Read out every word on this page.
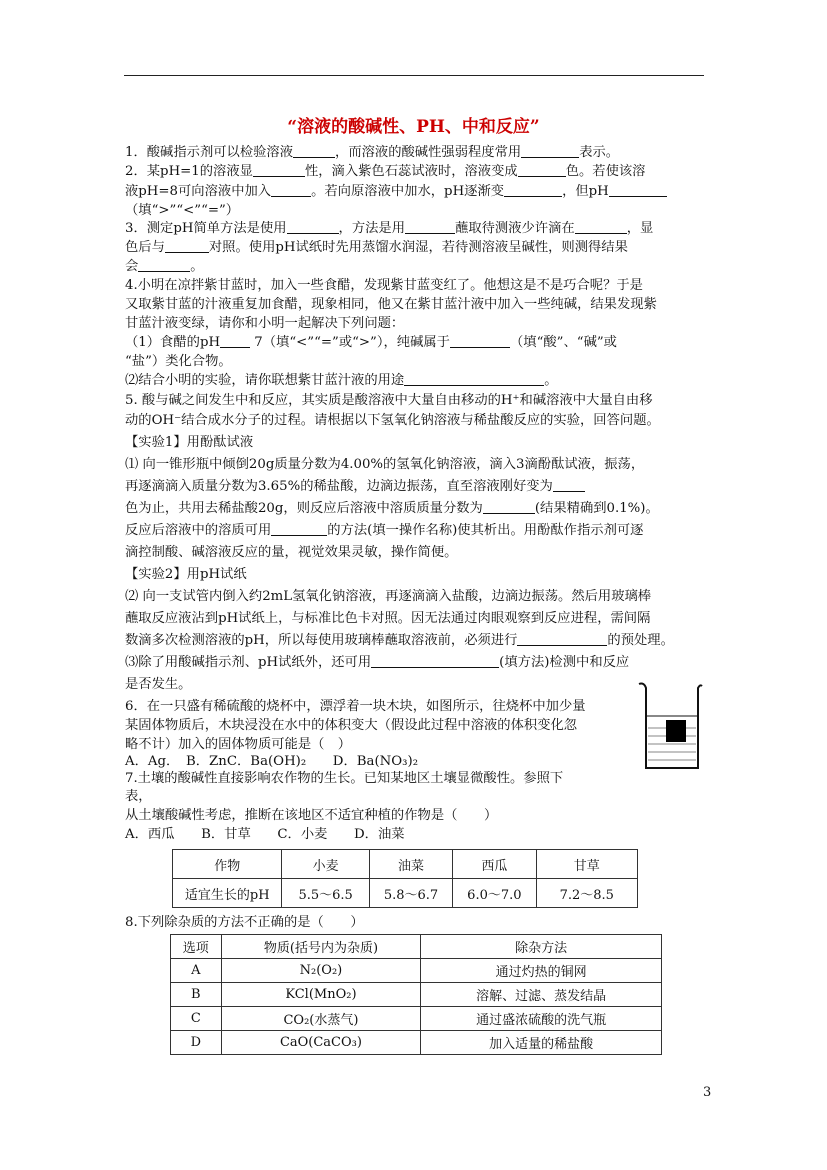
“溶液的酸碱性、PH、中和反应”
1．酸碱指示剂可以检验溶液	，而溶液的酸碱性强弱程度常用	表示。
2．某pH=1的溶液显	性，滴入紫色石蕊试液时，溶液变成	色。若使该溶
液pH=8可向溶液中加入	。若向原溶液中加水，pH逐渐变	，但pH
（填“>”“<”“=”）
3．测定pH简单方法是使用	，方法是用	蘸取待测液少许滴在	，显
色后与	对照。使用pH试纸时先用蒸馏水润湿，若待测溶液呈碱性，则测得结果
会	。
4.小明在凉拌紫甘蓝时，加入一些食醋，发现紫甘蓝变红了。他想这是不是巧合呢？于是
又取紫甘蓝的汁液重复加食醋，现象相同，他又在紫甘蓝汁液中加入一些纯碱，结果发现紫
甘蓝汁液变绿，请你和小明一起解决下列问题：
（1）食醋的pH 7（填“<”“=”或“>”），纯碱属于	（填“酸”、“碱”或
“盐”）类化合物。
⑵结合小明的实验，请你联想紫甘蓝汁液的用途	。
5. 酸与碱之间发生中和反应，其实质是酸溶液中大量自由移动的H⁺和碱溶液中大量自由移
动的OH⁻结合成水分子的过程。请根据以下氢氧化钠溶液与稀盐酸反应的实验，回答问题。
【实验1】用酚酞试液
⑴ 向一锥形瓶中倾倒20g质量分数为4.00%的氢氧化钠溶液，滴入3滴酚酞试液，振荡，
再逐滴滴入质量分数为3.65%的稀盐酸，边滴边振荡，直至溶液刚好变为
色为止，共用去稀盐酸20g，则反应后溶液中溶质质量分数为	(结果精确到0.1%)。
反应后溶液中的溶质可用	的方法(填一操作名称)使其析出。用酚酞作指示剂可逐
滴控制酸、碱溶液反应的量，视觉效果灵敏，操作简便。
【实验2】用pH试纸
⑵ 向一支试管内倒入约2mL氢氧化钠溶液，再逐滴滴入盐酸，边滴边振荡。然后用玻璃棒
蘸取反应液沾到pH试纸上，与标准比色卡对照。因无法通过肉眼观察到反应进程，需间隔
数滴多次检测溶液的pH，所以每使用玻璃棒蘸取溶液前，必须进行	的预处理。
⑶除了用酸碱指示剂、pH试纸外，还可用	(填方法)检测中和反应
是否发生。
6．在一只盛有稀硫酸的烧杯中，漂浮着一块木块，如图所示，往烧杯中加少量
某固体物质后，木块浸没在水中的体积变大（假设此过程中溶液的体积变化忽
略不计）加入的固体物质可能是（　）
A．Ag．　B．ZnC．Ba(OH)₂　　D．Ba(NO₃)₂
7.土壤的酸碱性直接影响农作物的生长。已知某地区土壤显微酸性。参照下
表，
从土壤酸碱性考虑，推断在该地区不适宜种植的作物是（　　）
A．西瓜　　B．甘草　　C．小麦　　D．油菜
8.下列除杂质的方法不正确的是（　　）
作物	小麦	油菜	西瓜	甘草
适宜生长的pH	5.5～6.5	5.8～6.7	6.0～7.0	7.2～8.5
选项	物质(括号内为杂质)	除杂方法
A	N₂(O₂)	通过灼热的铜网
B	KCl(MnO₂)	溶解、过滤、蒸发结晶
C	CO₂(水蒸气)	通过盛浓硫酸的洗气瓶
D	CaO(CaCO₃)	加入适量的稀盐酸
3
